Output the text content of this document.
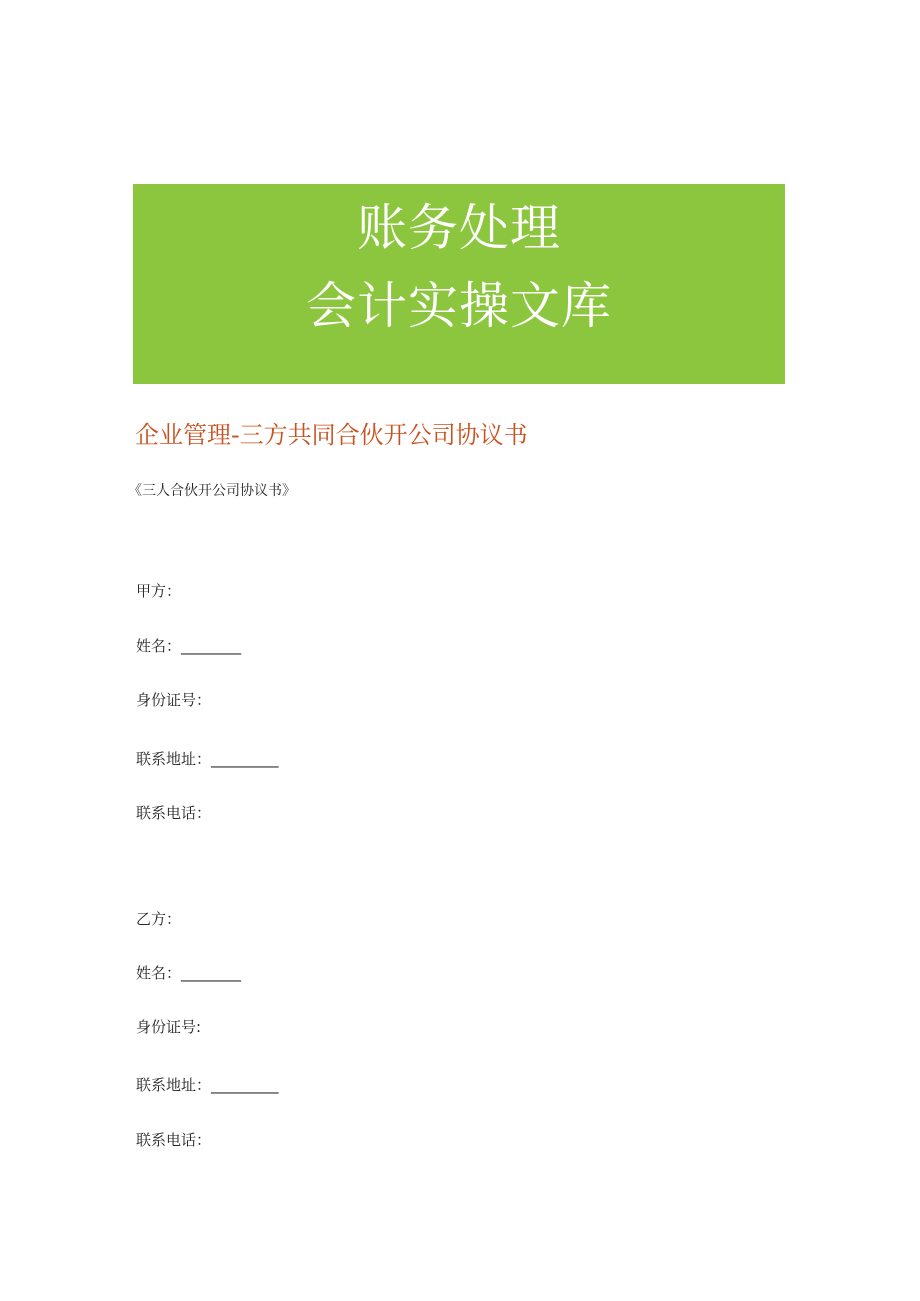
账务处理
会计实操文库
企业管理-三方共同合伙开公司协议书
《三人合伙开公司协议书》
甲方：
姓名：________
身份证号：
联系地址：_________
联系电话：
乙方：
姓名：________
身份证号:
联系地址：_________
联系电话：
